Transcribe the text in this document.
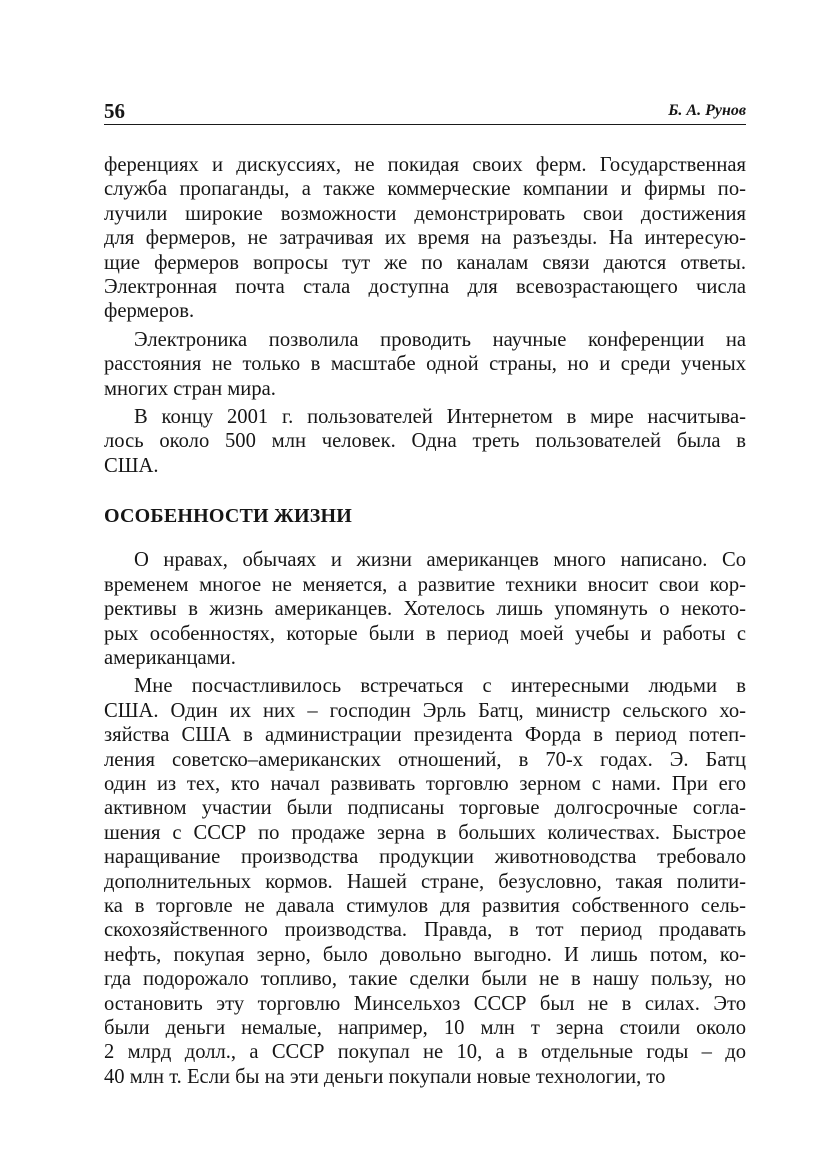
56	Б. А. Рунов
ференциях и дискуссиях, не покидая своих ферм. Государственная
служба пропаганды, а также коммерческие компании и фирмы по-
лучили широкие возможности демонстрировать свои достижения
для фермеров, не затрачивая их время на разъезды. На интересую-
щие фермеров вопросы тут же по каналам связи даются ответы.
Электронная почта стала доступна для всевозрастающего числа
фермеров.
Электроника позволила проводить научные конференции на
расстояния не только в масштабе одной страны, но и среди ученых
многих стран мира.
В концу 2001 г. пользователей Интернетом в мире насчитыва-
лось около 500 млн человек. Одна треть пользователей была в
США.
ОСОБЕННОСТИ ЖИЗНИ
О нравах, обычаях и жизни американцев много написано. Со
временем многое не меняется, а развитие техники вносит свои кор-
рективы в жизнь американцев. Хотелось лишь упомянуть о некото-
рых особенностях, которые были в период моей учебы и работы с
американцами.
Мне посчастливилось встречаться с интересными людьми в
США. Один их них – господин Эрль Батц, министр сельского хо-
зяйства США в администрации президента Форда в период потеп-
ления советско–американских отношений, в 70-х годах. Э. Батц
один из тех, кто начал развивать торговлю зерном с нами. При его
активном участии были подписаны торговые долгосрочные согла-
шения с СССР по продаже зерна в больших количествах. Быстрое
наращивание производства продукции животноводства требовало
дополнительных кормов. Нашей стране, безусловно, такая полити-
ка в торговле не давала стимулов для развития собственного сель-
скохозяйственного производства. Правда, в тот период продавать
нефть, покупая зерно, было довольно выгодно. И лишь потом, ко-
гда подорожало топливо, такие сделки были не в нашу пользу, но
остановить эту торговлю Минсельхоз СССР был не в силах. Это
были деньги немалые, например, 10 млн т зерна стоили около
2 млрд долл., а СССР покупал не 10, а в отдельные годы – до
40 млн т. Если бы на эти деньги покупали новые технологии, то
